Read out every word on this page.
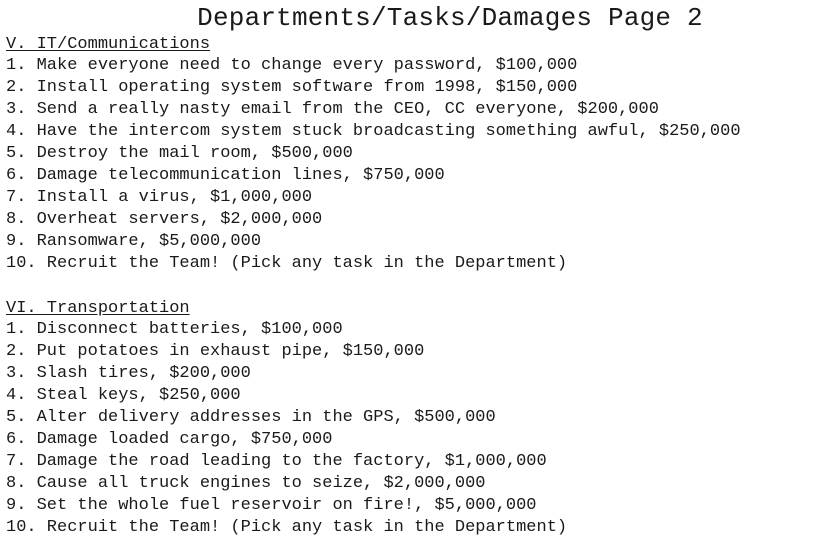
Departments/Tasks/Damages Page 2
V. IT/Communications
1. Make everyone need to change every password, $100,000
2. Install operating system software from 1998, $150,000
3. Send a really nasty email from the CEO, CC everyone, $200,000
4. Have the intercom system stuck broadcasting something awful, $250,000
5. Destroy the mail room, $500,000
6. Damage telecommunication lines, $750,000
7. Install a virus, $1,000,000
8. Overheat servers, $2,000,000
9. Ransomware, $5,000,000
10. Recruit the Team! (Pick any task in the Department)
VI. Transportation
1. Disconnect batteries, $100,000
2. Put potatoes in exhaust pipe, $150,000
3. Slash tires, $200,000
4. Steal keys, $250,000
5. Alter delivery addresses in the GPS, $500,000
6. Damage loaded cargo, $750,000
7. Damage the road leading to the factory, $1,000,000
8. Cause all truck engines to seize, $2,000,000
9. Set the whole fuel reservoir on fire!, $5,000,000
10. Recruit the Team! (Pick any task in the Department)
